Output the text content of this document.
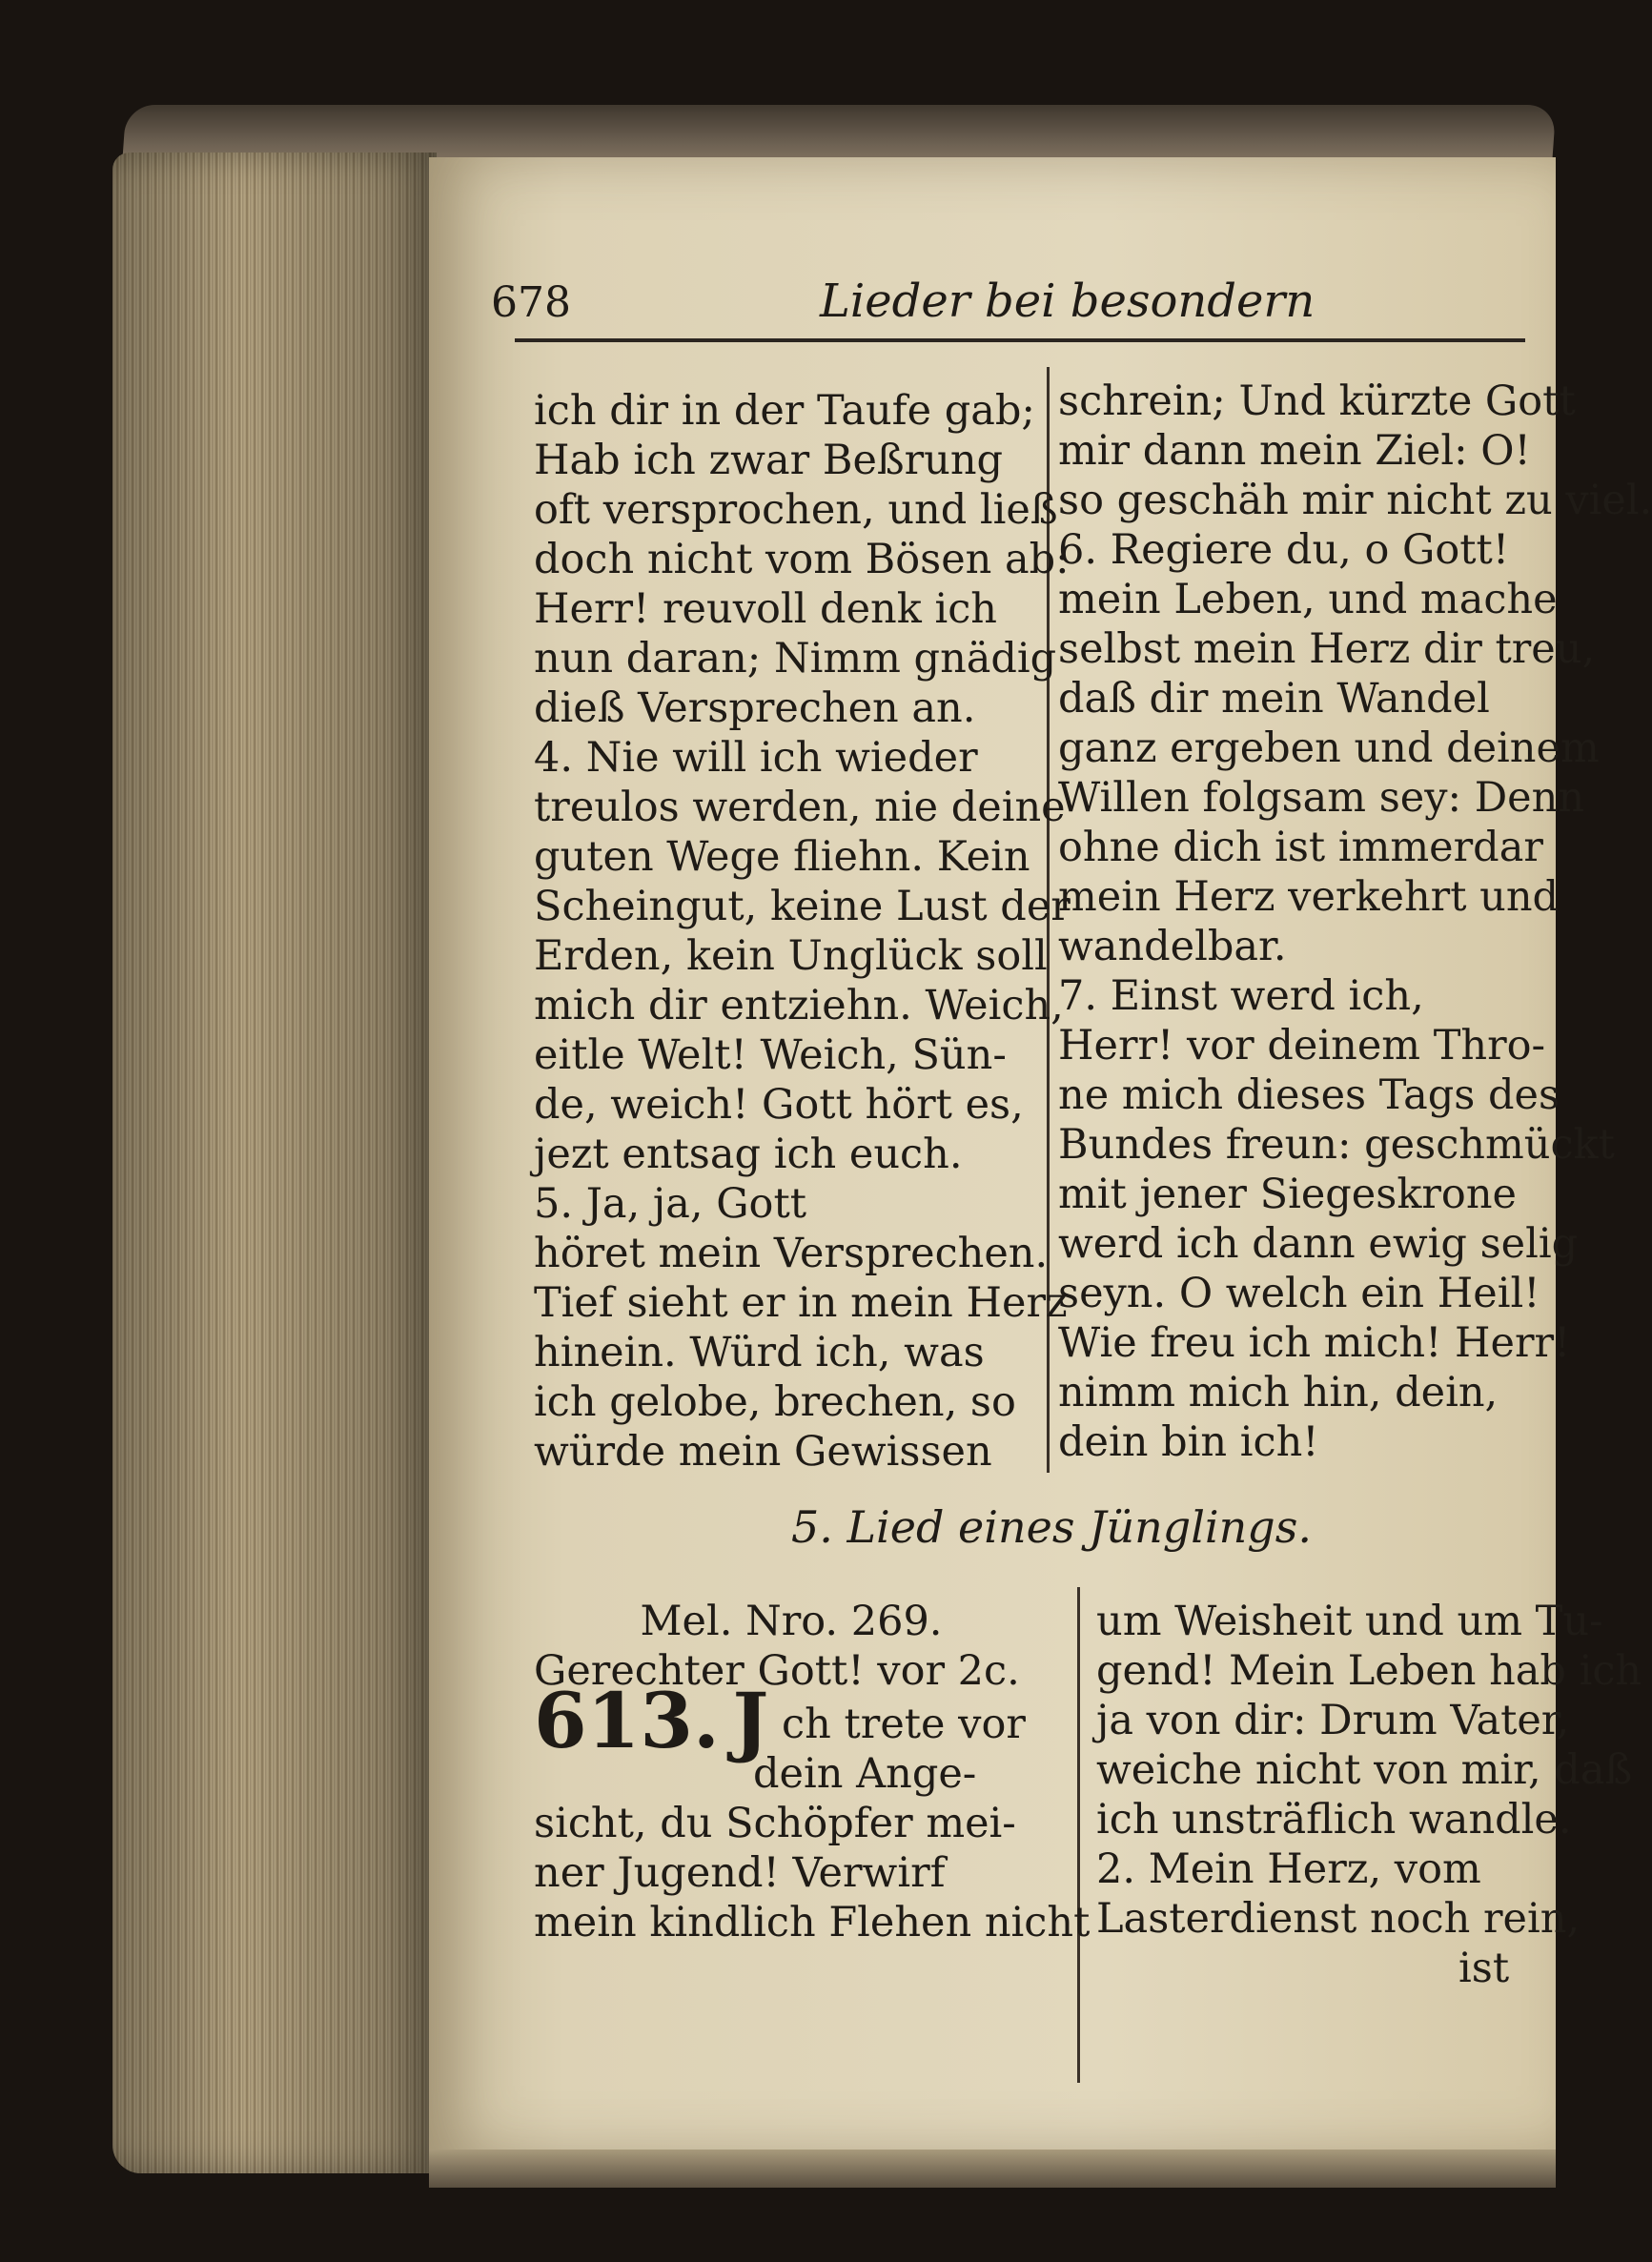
678	Lieder bei besondern
ich dir in der Taufe gab;
Hab ich zwar Beßrung
oft versprochen, und ließ
doch nicht vom Bösen ab:
Herr! reuvoll denk ich
nun daran; Nimm gnädig
dieß Versprechen an.
4. Nie will ich wieder
treulos werden, nie deine
guten Wege fliehn. Kein
Scheingut, keine Lust der
Erden, kein Unglück soll
mich dir entziehn. Weich,
eitle Welt! Weich, Sün-
de, weich! Gott hört es,
jezt entsag ich euch.
5. Ja, ja, Gott
höret mein Versprechen.
Tief sieht er in mein Herz
hinein. Würd ich, was
ich gelobe, brechen, so
würde mein Gewissen
schrein; Und kürzte Gott
mir dann mein Ziel: O!
so geschäh mir nicht zu viel.
6. Regiere du, o Gott!
mein Leben, und mache
selbst mein Herz dir treu,
daß dir mein Wandel
ganz ergeben und deinem
Willen folgsam sey: Denn
ohne dich ist immerdar
mein Herz verkehrt und
wandelbar.
7. Einst werd ich,
Herr! vor deinem Thro-
ne mich dieses Tags des
Bundes freun: geschmückt
mit jener Siegeskrone
werd ich dann ewig selig
seyn. O welch ein Heil!
Wie freu ich mich! Herr!
nimm mich hin, dein,
dein bin ich!
5. Lied eines Jünglings.
Mel. Nro. 269.
Gerechter Gott! vor 2c.
613. J ch trete vor
dein Ange-
sicht, du Schöpfer mei-
ner Jugend! Verwirf
mein kindlich Flehen nicht
um Weisheit und um Tu-
gend! Mein Leben hab ich
ja von dir: Drum Vater,
weiche nicht von mir, daß
ich unsträflich wandle.
2. Mein Herz, vom
Lasterdienst noch rein,
ist
